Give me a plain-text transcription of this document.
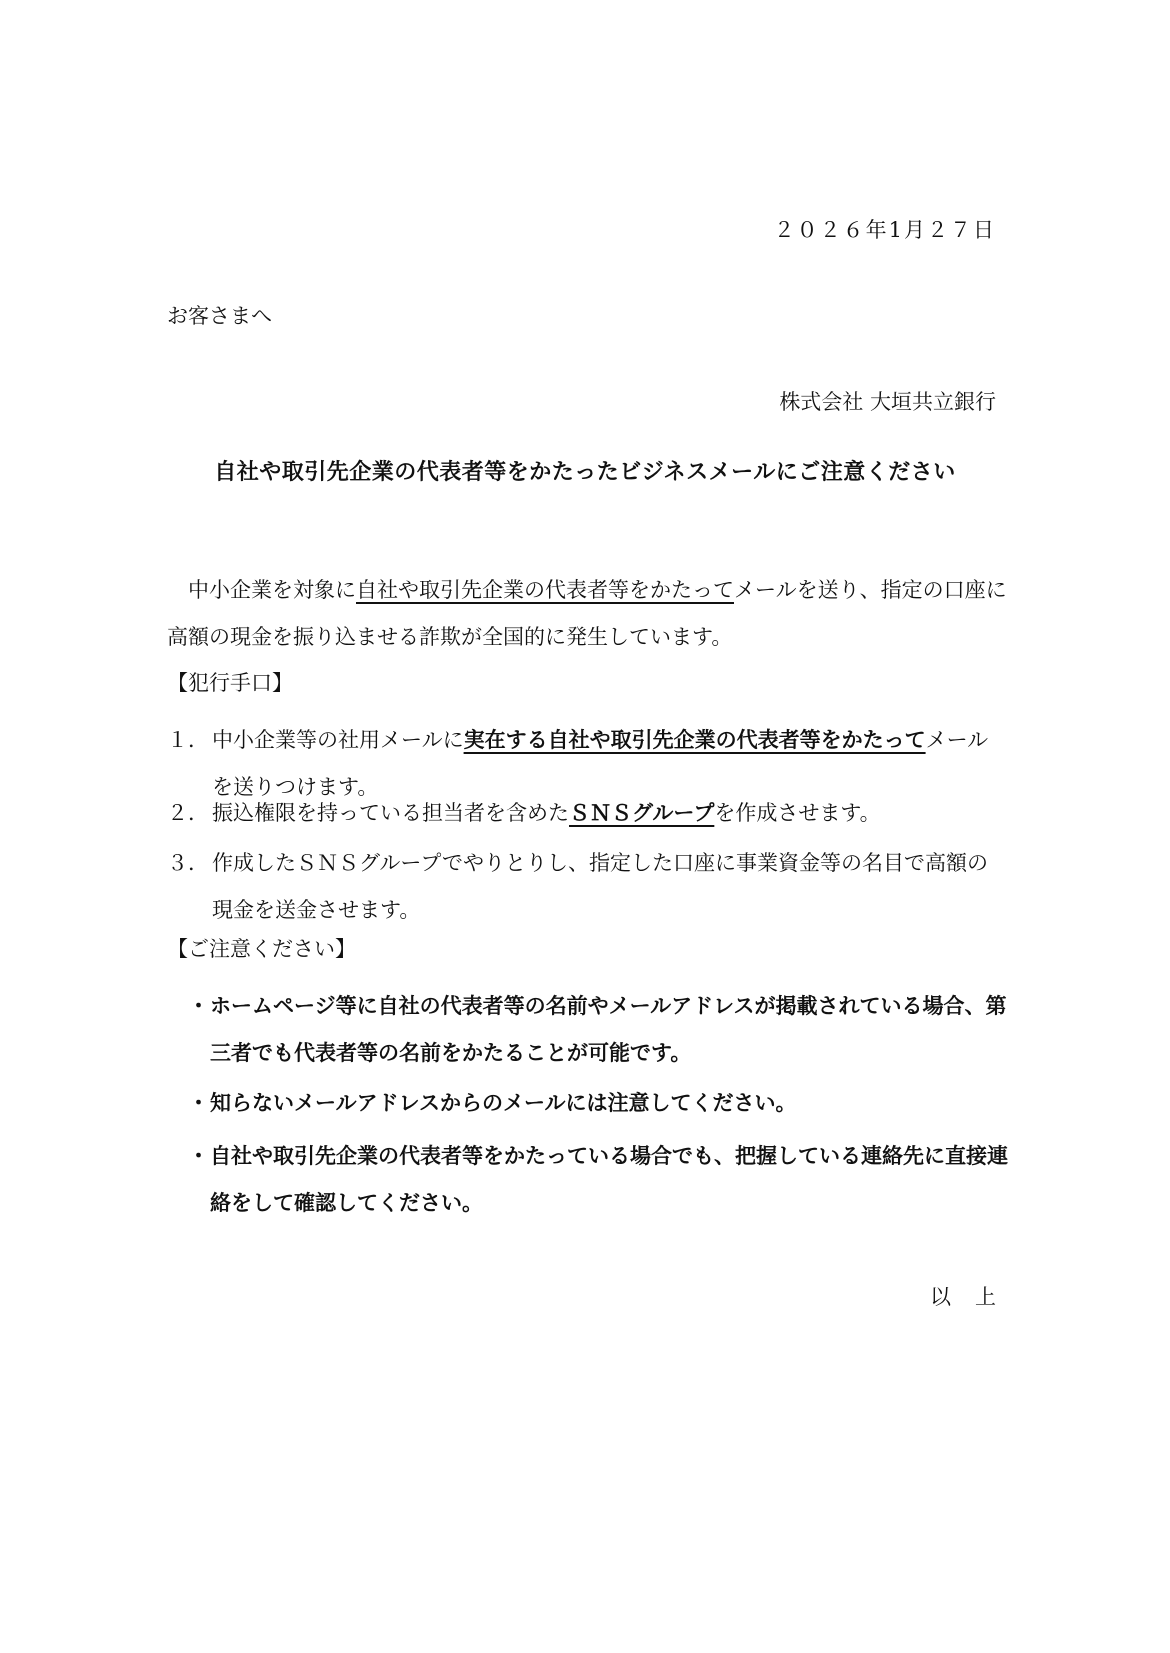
２０２６年1月２７日
お客さまへ
株式会社 大垣共立銀行
自社や取引先企業の代表者等をかたったビジネスメールにご注意ください
中小企業を対象に自社や取引先企業の代表者等をかたってメールを送り、指定の口座に高額の現金を振り込ませる詐欺が全国的に発生しています。
【犯行手口】
１． 中小企業等の社用メールに実在する自社や取引先企業の代表者等をかたってメールを送りつけます。
２． 振込権限を持っている担当者を含めたＳＮＳグループを作成させます。
３． 作成したＳＮＳグループでやりとりし、指定した口座に事業資金等の名目で高額の現金を送金させます。
【ご注意ください】
・ ホームページ等に自社の代表者等の名前やメールアドレスが掲載されている場合、第三者でも代表者等の名前をかたることが可能です。
・ 知らないメールアドレスからのメールには注意してください。
・ 自社や取引先企業の代表者等をかたっている場合でも、把握している連絡先に直接連絡をして確認してください。
以上
